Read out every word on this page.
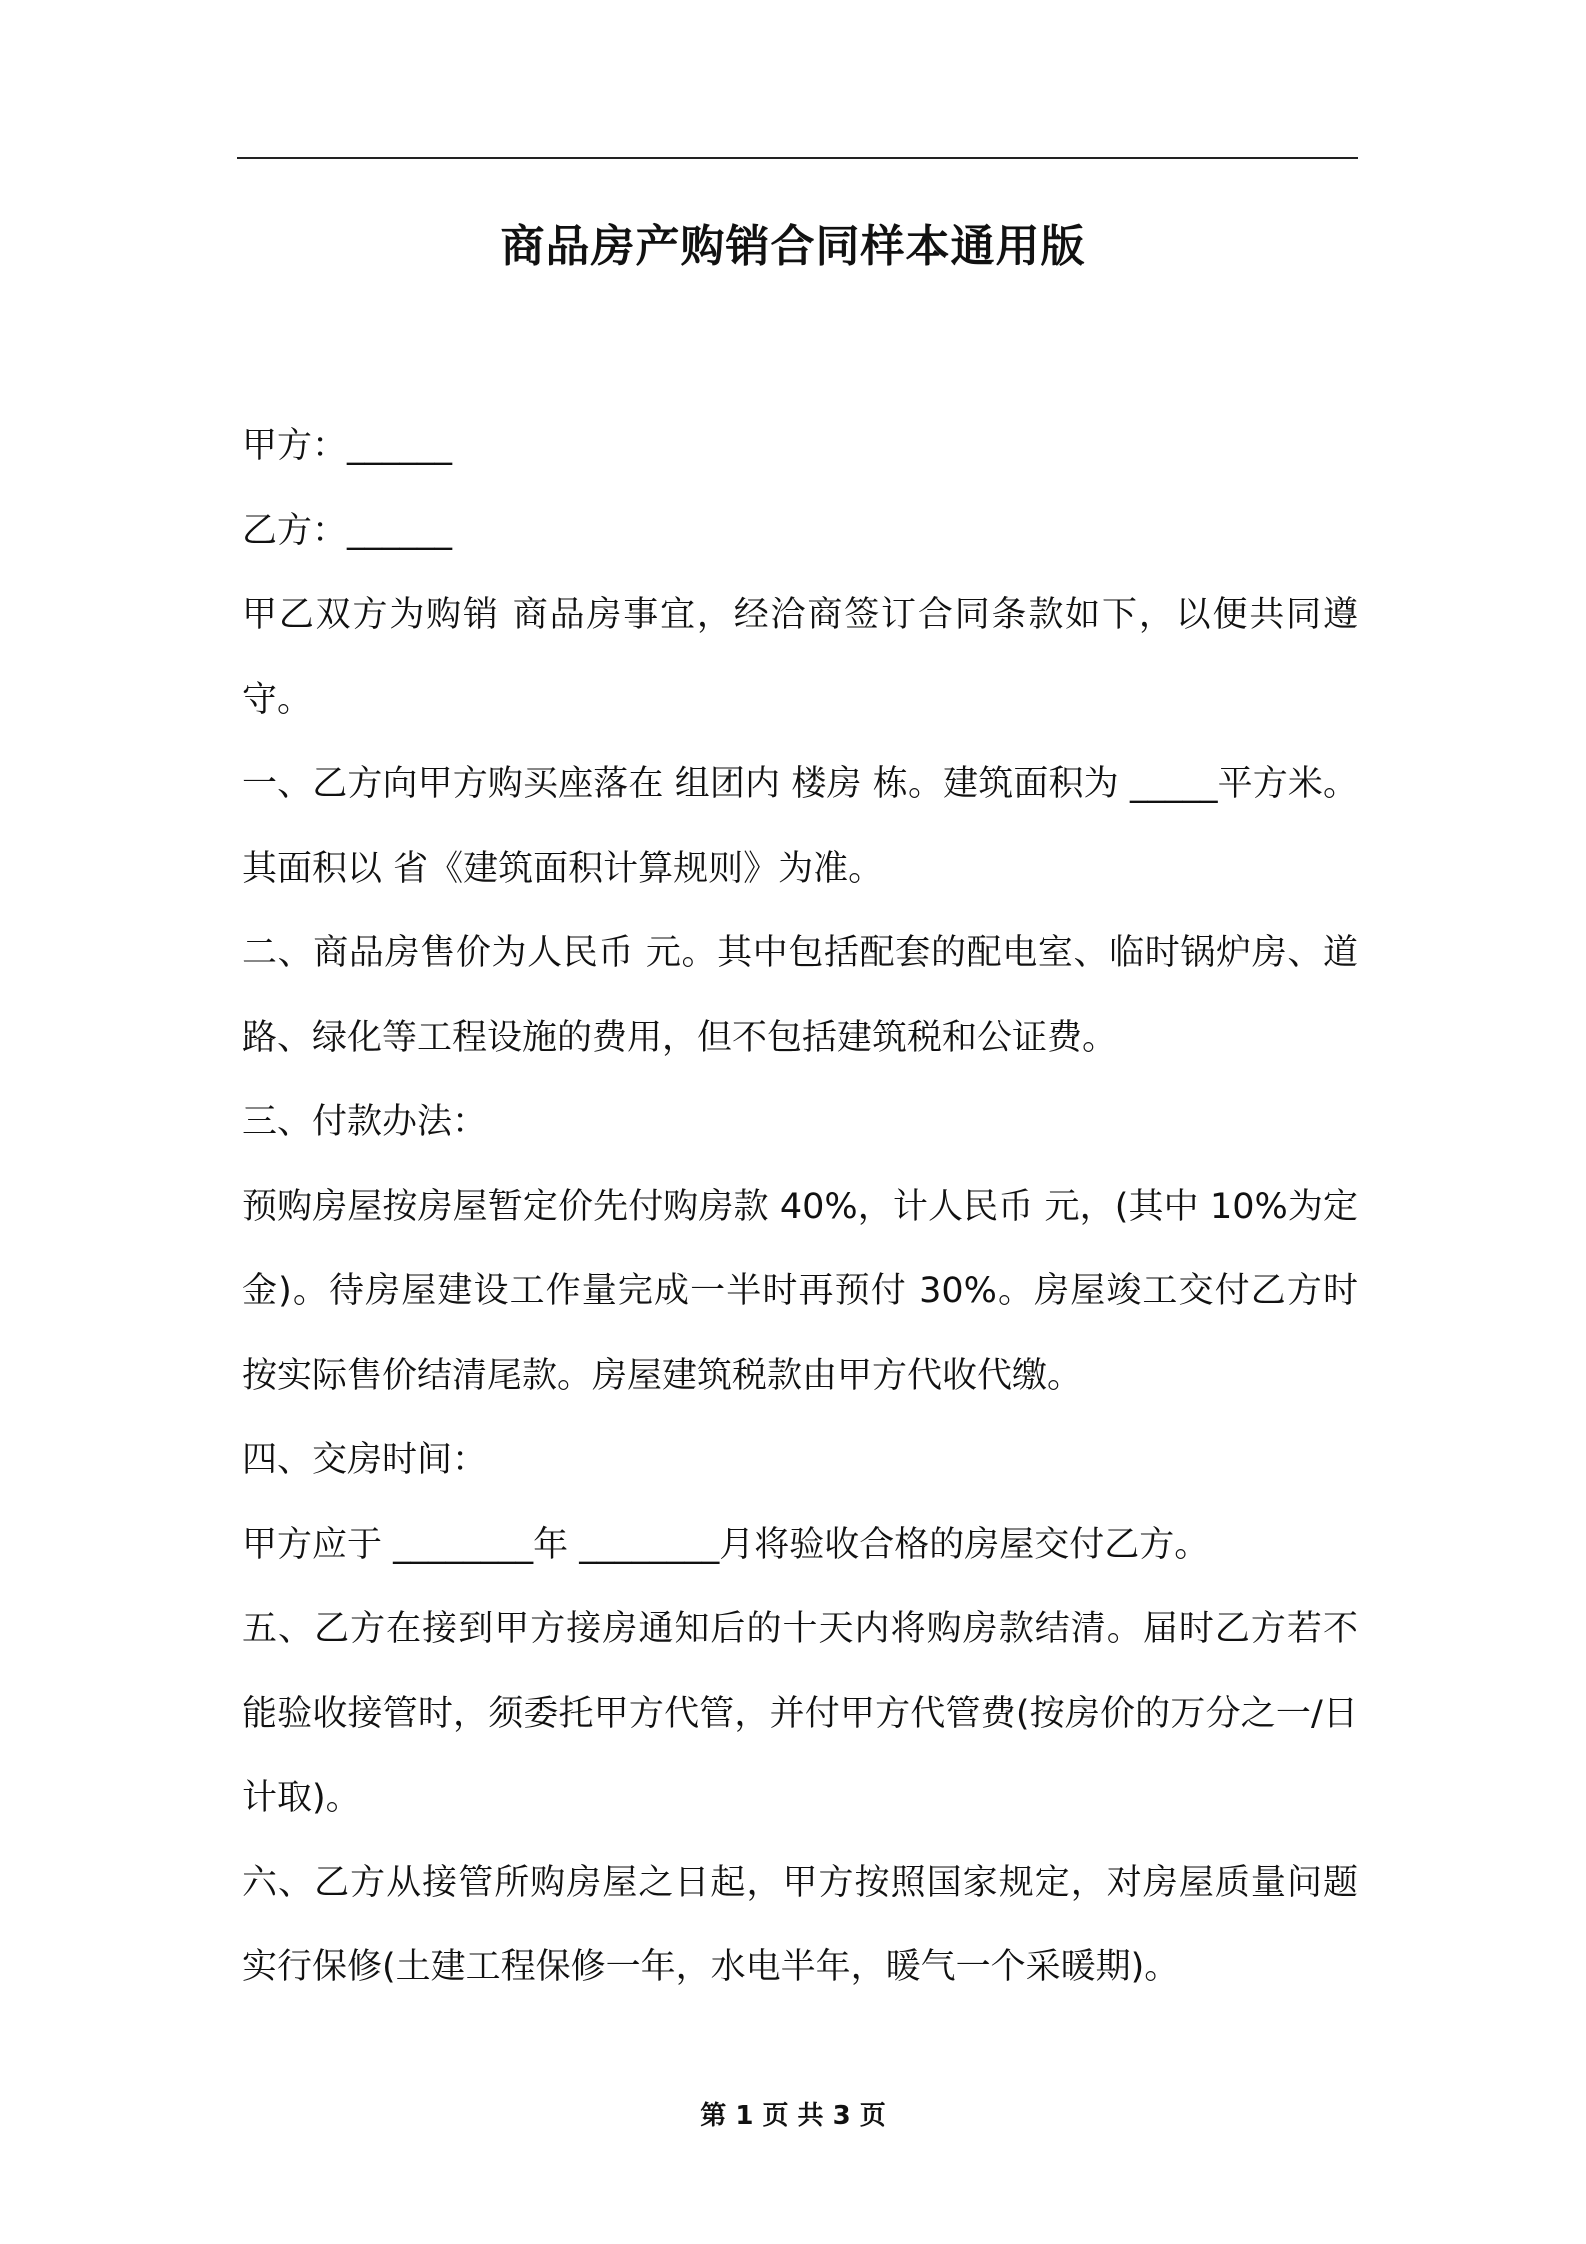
商品房产购销合同样本通用版

甲方：______

乙方：______

甲乙双方为购销 商品房事宜，经洽商签订合同条款如下，以便共同遵守。

一、乙方向甲方购买座落在 组团内 楼房 栋。建筑面积为 _____平方米。其面积以 省《建筑面积计算规则》为准。

二、商品房售价为人民币 元。其中包括配套的配电室、临时锅炉房、道路、绿化等工程设施的费用，但不包括建筑税和公证费。

三、付款办法：

预购房屋按房屋暂定价先付购房款 40%，计人民币 元，(其中 10%为定金)。待房屋建设工作量完成一半时再预付 30%。房屋竣工交付乙方时按实际售价结清尾款。房屋建筑税款由甲方代收代缴。

四、交房时间：

甲方应于 ________年 ________月将验收合格的房屋交付乙方。

五、乙方在接到甲方接房通知后的十天内将购房款结清。届时乙方若不能验收接管时，须委托甲方代管，并付甲方代管费(按房价的万分之一/日计取)。

六、乙方从接管所购房屋之日起，甲方按照国家规定，对房屋质量问题实行保修(土建工程保修一年，水电半年，暖气一个采暖期)。

第 1 页 共 3 页
